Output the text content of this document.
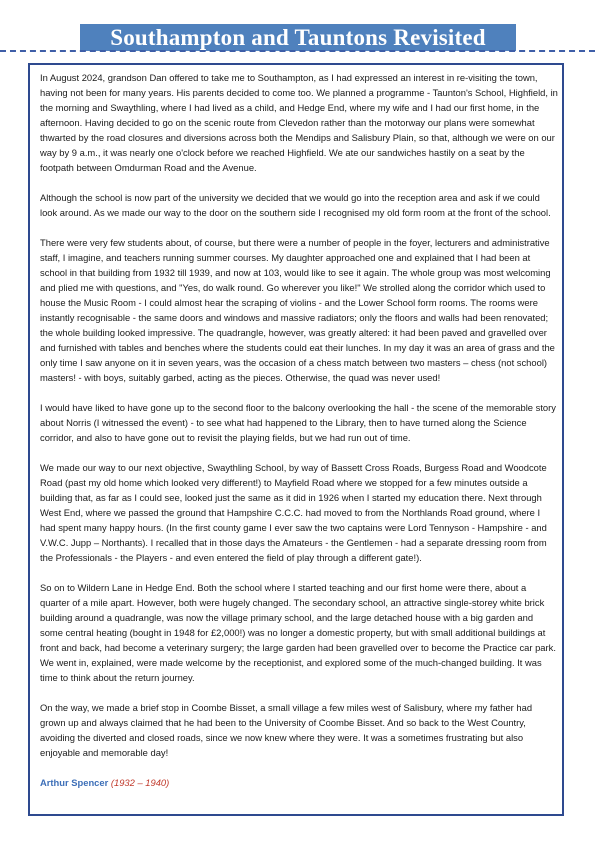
Southampton and Tauntons Revisited

In August 2024, grandson Dan offered to take me to Southampton, as I had expressed an interest in re-visiting the town, having not been for many years. His parents decided to come too. We planned a programme - Taunton's School, Highfield, in the morning and Swaythling, where I had lived as a child, and Hedge End, where my wife and I had our first home, in the afternoon. Having decided to go on the scenic route from Clevedon rather than the motorway our plans were somewhat thwarted by the road closures and diversions across both the Mendips and Salisbury Plain, so that, although we were on our way by 9 a.m., it was nearly one o'clock before we reached Highfield. We ate our sandwiches hastily on a seat by the footpath between Omdurman Road and the Avenue.

Although the school is now part of the university we decided that we would go into the reception area and ask if we could look around. As we made our way to the door on the southern side I recognised my old form room at the front of the school.

There were very few students about, of course, but there were a number of people in the foyer, lecturers and administrative staff, I imagine, and teachers running summer courses. My daughter approached one and explained that I had been at school in that building from 1932 till 1939, and now at 103, would like to see it again. The whole group was most welcoming and plied me with questions, and "Yes, do walk round. Go wherever you like!" We strolled along the corridor which used to house the Music Room - I could almost hear the scraping of violins - and the Lower School form rooms. The rooms were instantly recognisable - the same doors and windows and massive radiators; only the floors and walls had been renovated; the whole building looked impressive. The quadrangle, however, was greatly altered: it had been paved and gravelled over and furnished with tables and benches where the students could eat their lunches. In my day it was an area of grass and the only time I saw anyone on it in seven years, was the occasion of a chess match between two masters – chess (not school) masters! - with boys, suitably garbed, acting as the pieces. Otherwise, the quad was never used!

I would have liked to have gone up to the second floor to the balcony overlooking the hall - the scene of the memorable story about Norris (I witnessed the event) - to see what had happened to the Library, then to have turned along the Science corridor, and also to have gone out to revisit the playing fields, but we had run out of time.

We made our way to our next objective, Swaythling School, by way of Bassett Cross Roads, Burgess Road and Woodcote Road (past my old home which looked very different!) to Mayfield Road where we stopped for a few minutes outside a building that, as far as I could see, looked just the same as it did in 1926 when I started my education there. Next through West End, where we passed the ground that Hampshire C.C.C. had moved to from the Northlands Road ground, where I had spent many happy hours. (In the first county game I ever saw the two captains were Lord Tennyson - Hampshire - and V.W.C. Jupp – Northants). I recalled that in those days the Amateurs - the Gentlemen - had a separate dressing room from the Professionals - the Players - and even entered the field of play through a different gate!).

So on to Wildern Lane in Hedge End. Both the school where I started teaching and our first home were there, about a quarter of a mile apart. However, both were hugely changed. The secondary school, an attractive single-storey white brick building around a quadrangle, was now the village primary school, and the large detached house with a big garden and some central heating (bought in 1948 for £2,000!) was no longer a domestic property, but with small additional buildings at front and back, had become a veterinary surgery; the large garden had been gravelled over to become the Practice car park. We went in, explained, were made welcome by the receptionist, and explored some of the much-changed building. It was time to think about the return journey.

On the way, we made a brief stop in Coombe Bisset, a small village a few miles west of Salisbury, where my father had grown up and always claimed that he had been to the University of Coombe Bisset. And so back to the West Country, avoiding the diverted and closed roads, since we now knew where they were. It was a sometimes frustrating but also enjoyable and memorable day!

Arthur Spencer (1932 – 1940)
